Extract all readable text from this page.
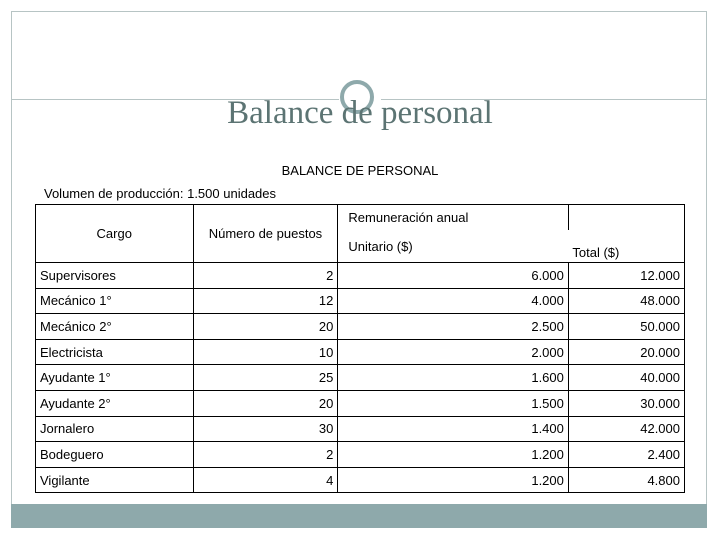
Balance de personal
BALANCE DE PERSONAL
Volumen de producción: 1.500 unidades
Cargo	Número de puestos	Remuneración anual	
		Unitario ($)	Total ($)
Supervisores	2	6.000	12.000
Mecánico 1°	12	4.000	48.000
Mecánico 2°	20	2.500	50.000
Electricista	10	2.000	20.000
Ayudante 1°	25	1.600	40.000
Ayudante 2°	20	1.500	30.000
Jornalero	30	1.400	42.000
Bodeguero	2	1.200	2.400
Vigilante	4	1.200	4.800
